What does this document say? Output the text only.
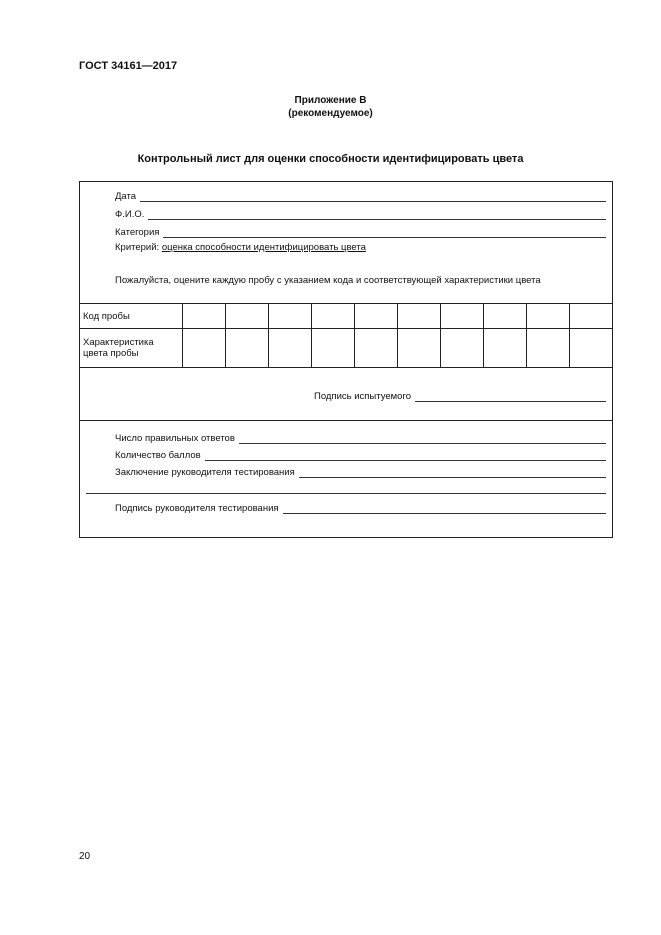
ГОСТ 34161—2017
Приложение В
(рекомендуемое)
Контрольный лист для оценки способности идентифицировать цвета
Дата
Ф.И.О.
Категория
Критерий: оценка способности идентифицировать цвета
Пожалуйста, оцените каждую пробу с указанием кода и соответствующей характеристики цвета
Код пробы										

Характеристика
цвета пробы										

Подпись испытуемого
Число правильных ответов
Количество баллов
Заключение руководителя тестирования
Подпись руководителя тестирования
20
